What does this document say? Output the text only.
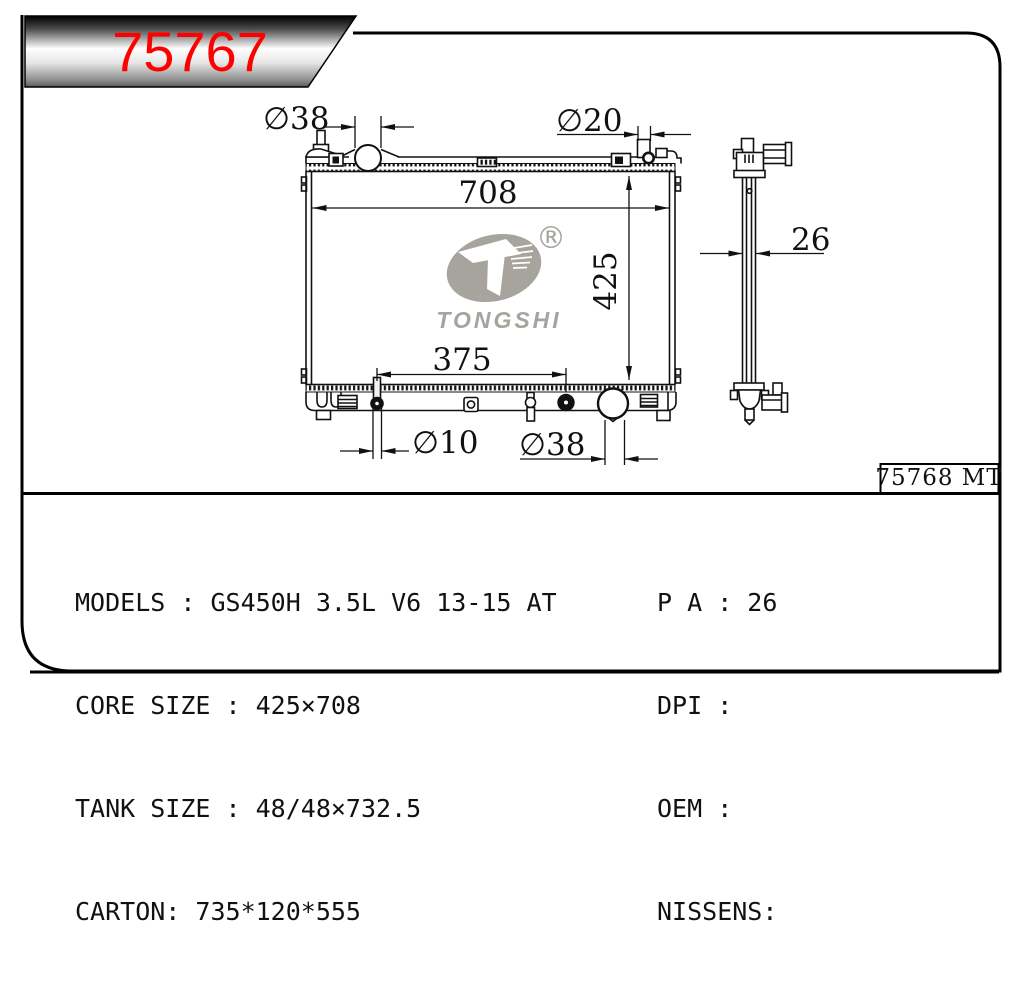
75767
®
TONGSHI
∅38	∅20
708
425
375
∅10 ∅38
26
75768 MT

MODELS : GS450H 3.5L V6 13-15 AT

CORE SIZE : 425×708

TANK SIZE : 48/48×732.5

CARTON: 735*120*555

P A : 26

DPI :

OEM :

NISSENS:
